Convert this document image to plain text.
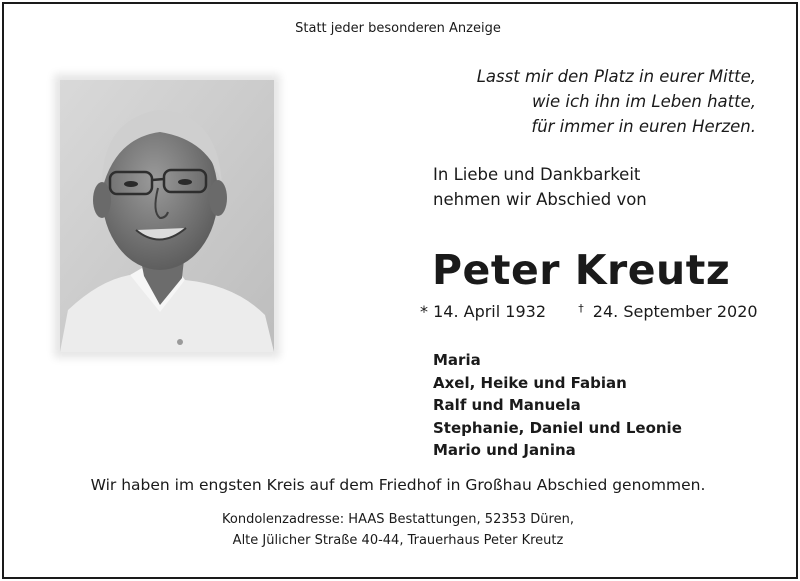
Statt jeder besonderen Anzeige
Lasst mir den Platz in eurer Mitte,
wie ich ihn im Leben hatte,
für immer in euren Herzen.
In Liebe und Dankbarkeit
nehmen wir Abschied von
Peter Kreutz
* 14. April 1932	† 24. September 2020
Maria
Axel, Heike und Fabian
Ralf und Manuela
Stephanie, Daniel und Leonie
Mario und Janina
Wir haben im engsten Kreis auf dem Friedhof in Großhau Abschied genommen.
Kondolenzadresse: HAAS Bestattungen, 52353 Düren,
Alte Jülicher Straße 40-44, Trauerhaus Peter Kreutz
